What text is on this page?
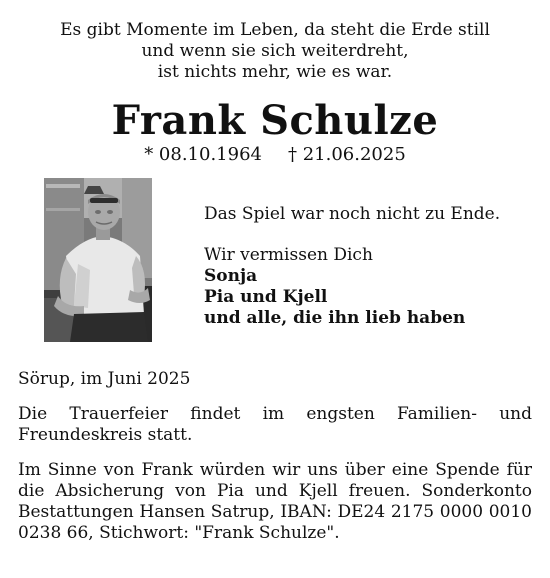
Es gibt Momente im Leben, da steht die Erde still
und wenn sie sich weiterdreht,
ist nichts mehr, wie es war.
Frank Schulze
* 08.10.1964 † 21.06.2025
Das Spiel war noch nicht zu Ende.
Wir vermissen Dich
Sonja
Pia und Kjell
und alle, die ihn lieb haben

Sörup, im Juni 2025

Die Trauerfeier findet im engsten Familien- und Freundeskreis statt.

Im Sinne von Frank würden wir uns über eine Spende für die Absicherung von Pia und Kjell freuen. Sonderkonto Bestattungen Hansen Satrup, IBAN: DE24 2175 0000 0010 0238 66, Stichwort: "Frank Schulze".
